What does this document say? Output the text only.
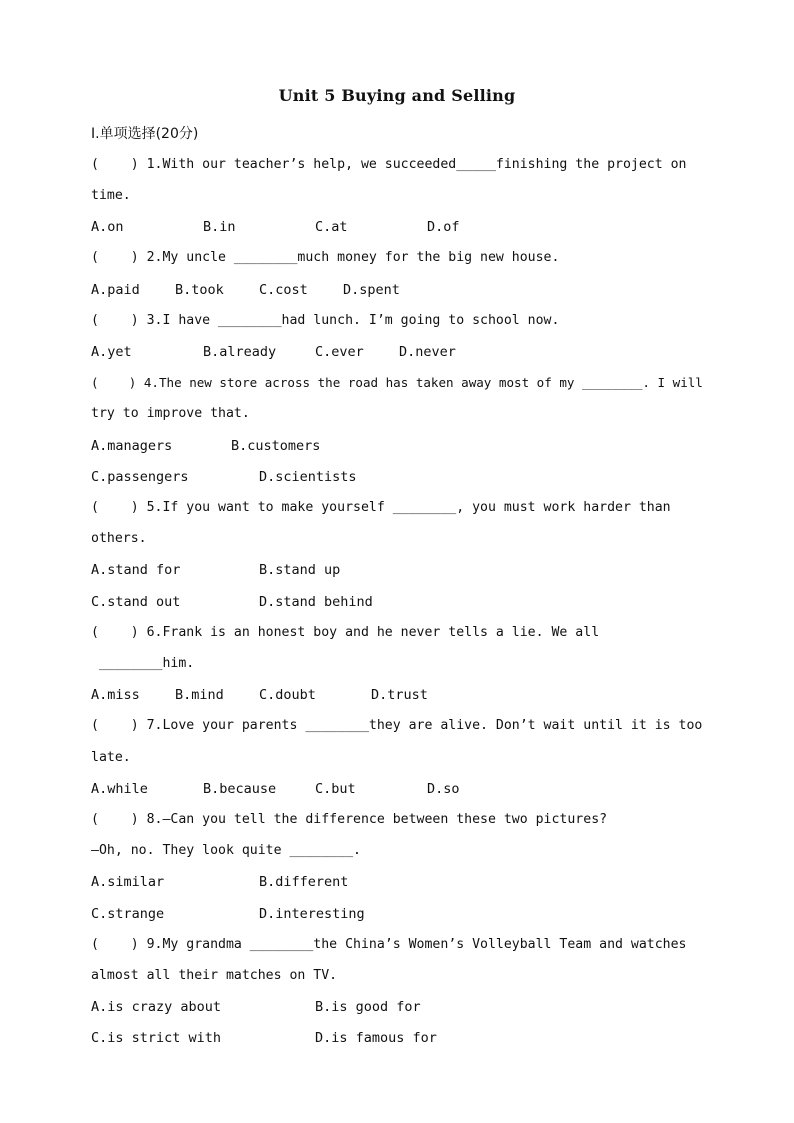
Unit 5 Buying and Selling
Ⅰ.单项选择(20分)
(    ) 1.With our teacher’s help, we succeeded_____finishing the project on
time.
A.on	B.in	C.at	D.of
(    ) 2.My uncle ________much money for the big new house.
A.paid	B.took	C.cost	D.spent
(    ) 3.I have ________had lunch. I’m going to school now.
A.yet	B.already	C.ever	D.never
(    ) 4.The new store across the road has taken away most of my ________. I will
try to improve that.
A.managers	B.customers
C.passengers	D.scientists
(    ) 5.If you want to make yourself ________, you must work harder than
others.
A.stand for	B.stand up
C.stand out	D.stand behind
(    ) 6.Frank is an honest boy and he never tells a lie. We all
________him.
A.miss	B.mind	C.doubt	D.trust
(    ) 7.Love your parents ________they are alive. Don’t wait until it is too
late.
A.while	B.because	C.but	D.so
(    ) 8.—Can you tell the difference between these two pictures?
—Oh, no. They look quite ________.
A.similar	B.different
C.strange	D.interesting
(    ) 9.My grandma ________the China’s Women’s Volleyball Team and watches
almost all their matches on TV.
A.is crazy about	B.is good for
C.is strict with	D.is famous for
